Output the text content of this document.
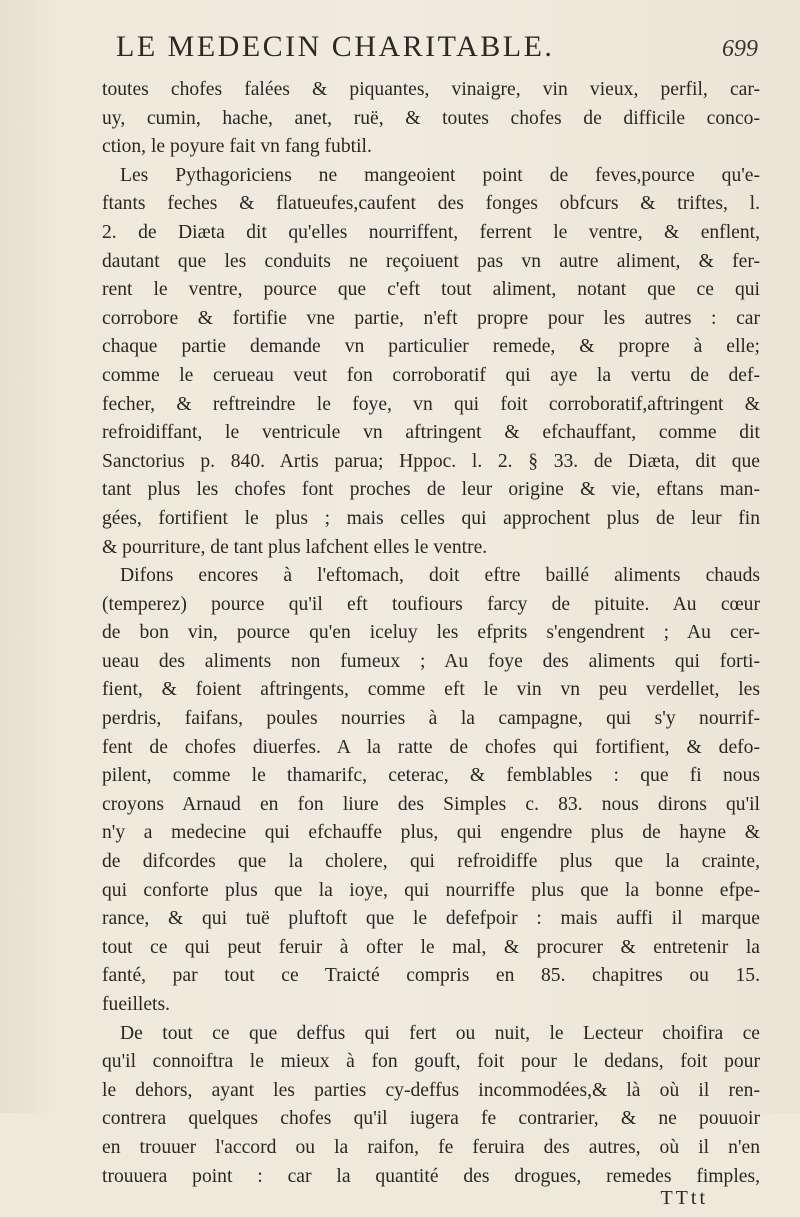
LE MEDECIN CHARITABLE.	699
toutes chofes falées & piquantes, vinaigre, vin vieux, perfil, car-
uy, cumin, hache, anet, ruë, & toutes chofes de difficile conco-
ction, le poyure fait vn fang fubtil.
Les Pythagoriciens ne mangeoient point de feves,pource qu'e-
ftants feches & flatueufes,caufent des fonges obfcurs & triftes, l.
2. de Diæta dit qu'elles nourriffent, ferrent le ventre, & enflent,
dautant que les conduits ne reçoiuent pas vn autre aliment, & fer-
rent le ventre, pource que c'eft tout aliment, notant que ce qui
corrobore & fortifie vne partie, n'eft propre pour les autres : car
chaque partie demande vn particulier remede, & propre à elle;
comme le cerueau veut fon corroboratif qui aye la vertu de def-
fecher, & reftreindre le foye, vn qui foit corroboratif,aftringent &
refroidiffant, le ventricule vn aftringent & efchauffant, comme dit
Sanctorius p. 840. Artis parua; Hppoc. l. 2. § 33. de Diæta, dit que
tant plus les chofes font proches de leur origine & vie, eftans man-
gées, fortifient le plus ; mais celles qui approchent plus de leur fin
& pourriture, de tant plus lafchent elles le ventre.
Difons encores à l'eftomach, doit eftre baillé aliments chauds
(temperez) pource qu'il eft toufiours farcy de pituite. Au cœur
de bon vin, pource qu'en iceluy les efprits s'engendrent ; Au cer-
ueau des aliments non fumeux ; Au foye des aliments qui forti-
fient, & foient aftringents, comme eft le vin vn peu verdellet, les
perdris, faifans, poules nourries à la campagne, qui s'y nourrif-
fent de chofes diuerfes. A la ratte de chofes qui fortifient, & defo-
pilent, comme le thamarifc, ceterac, & femblables : que fi nous
croyons Arnaud en fon liure des Simples c. 83. nous dirons qu'il
n'y a medecine qui efchauffe plus, qui engendre plus de hayne &
de difcordes que la cholere, qui refroidiffe plus que la crainte,
qui conforte plus que la ioye, qui nourriffe plus que la bonne efpe-
rance, & qui tuë pluftoft que le defefpoir : mais auffi il marque
tout ce qui peut feruir à ofter le mal, & procurer & entretenir la
fanté, par tout ce Traicté compris en 85. chapitres ou 15.
fueillets.
De tout ce que deffus qui fert ou nuit, le Lecteur choifira ce
qu'il connoiftra le mieux à fon gouft, foit pour le dedans, foit pour
le dehors, ayant les parties cy-deffus incommodées,& là où il ren-
contrera quelques chofes qu'il iugera fe contrarier, & ne pouuoir
en trouuer l'accord ou la raifon, fe feruira des autres, où il n'en
trouuera point : car la quantité des drogues, remedes fimples,
TTtt
